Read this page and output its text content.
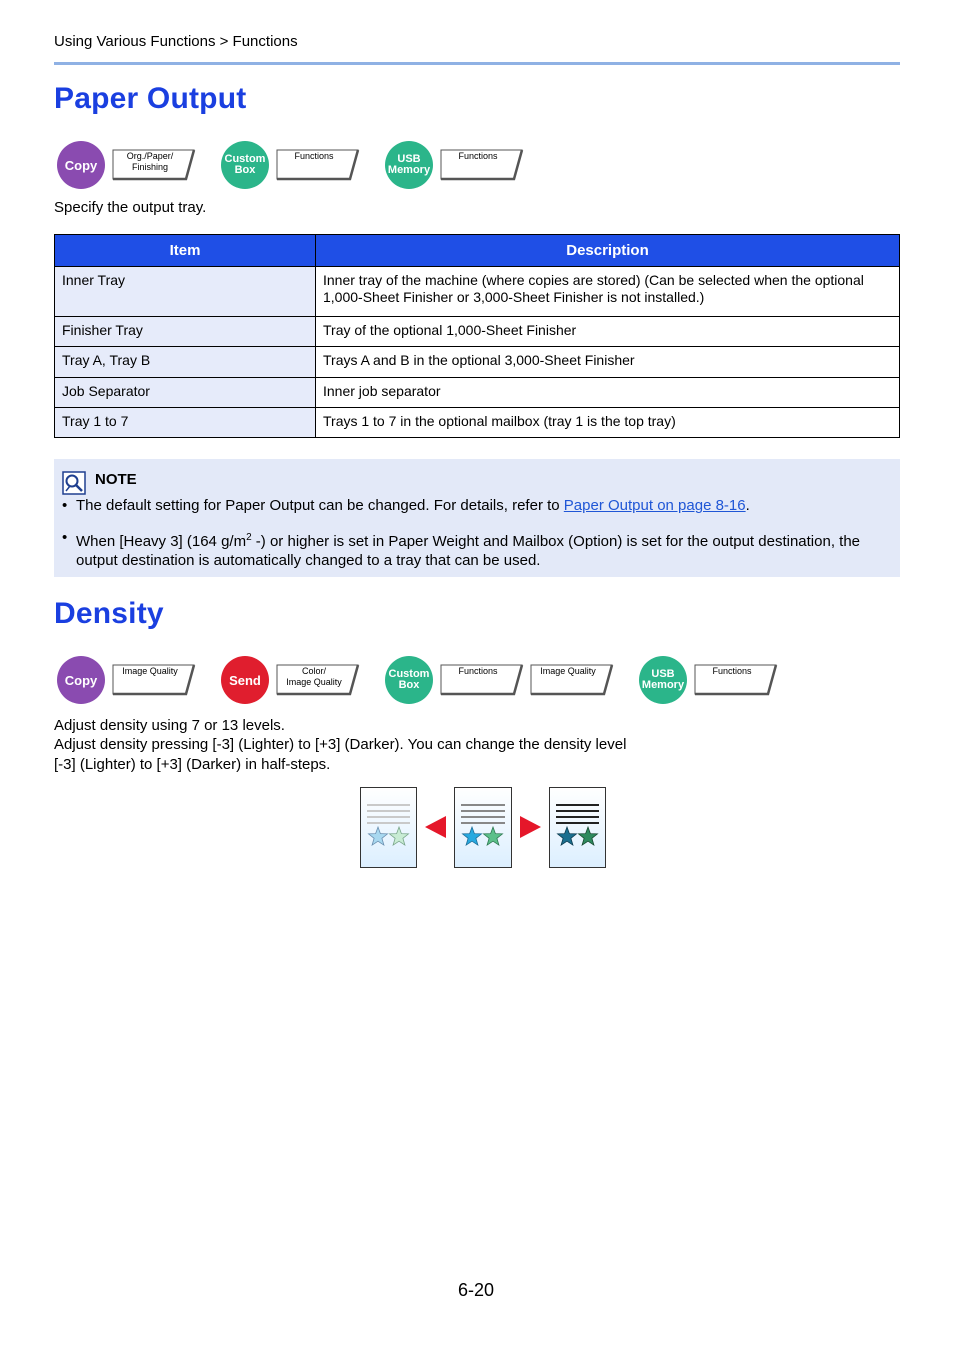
Using Various Functions > Functions
Paper Output
Copy
Org./Paper/
Finishing
Custom
Box
Functions	USB
Memory
Functions
Specify the output tray.
Item	Description
Inner Tray	Inner tray of the machine (where copies are stored) (Can be selected when the optional 1,000-Sheet Finisher or 3,000-Sheet Finisher is not installed.)
Finisher Tray	Tray of the optional 1,000-Sheet Finisher
Tray A, Tray B	Trays A and B in the optional 3,000-Sheet Finisher
Job Separator	Inner job separator
Tray 1 to 7	Trays 1 to 7 in the optional mailbox (tray 1 is the top tray)
NOTE
• The default setting for Paper Output can be changed. For details, refer to Paper Output on page 8-16.
• When [Heavy 3] (164 $g/m^2$ -) or higher is set in Paper Weight and Mailbox (Option) is set for the output destination, the output destination is automatically changed to a tray that can be used.
Density
Copy
Image Quality
Send
Color/
Image Quality
Custom
Box
Functions	Image Quality	USB
Memory
Functions
Adjust density using 7 or 13 levels.
Adjust density pressing [-3] (Lighter) to [+3] (Darker). You can change the density level
[-3] (Lighter) to [+3] (Darker) in half-steps.
6-20
